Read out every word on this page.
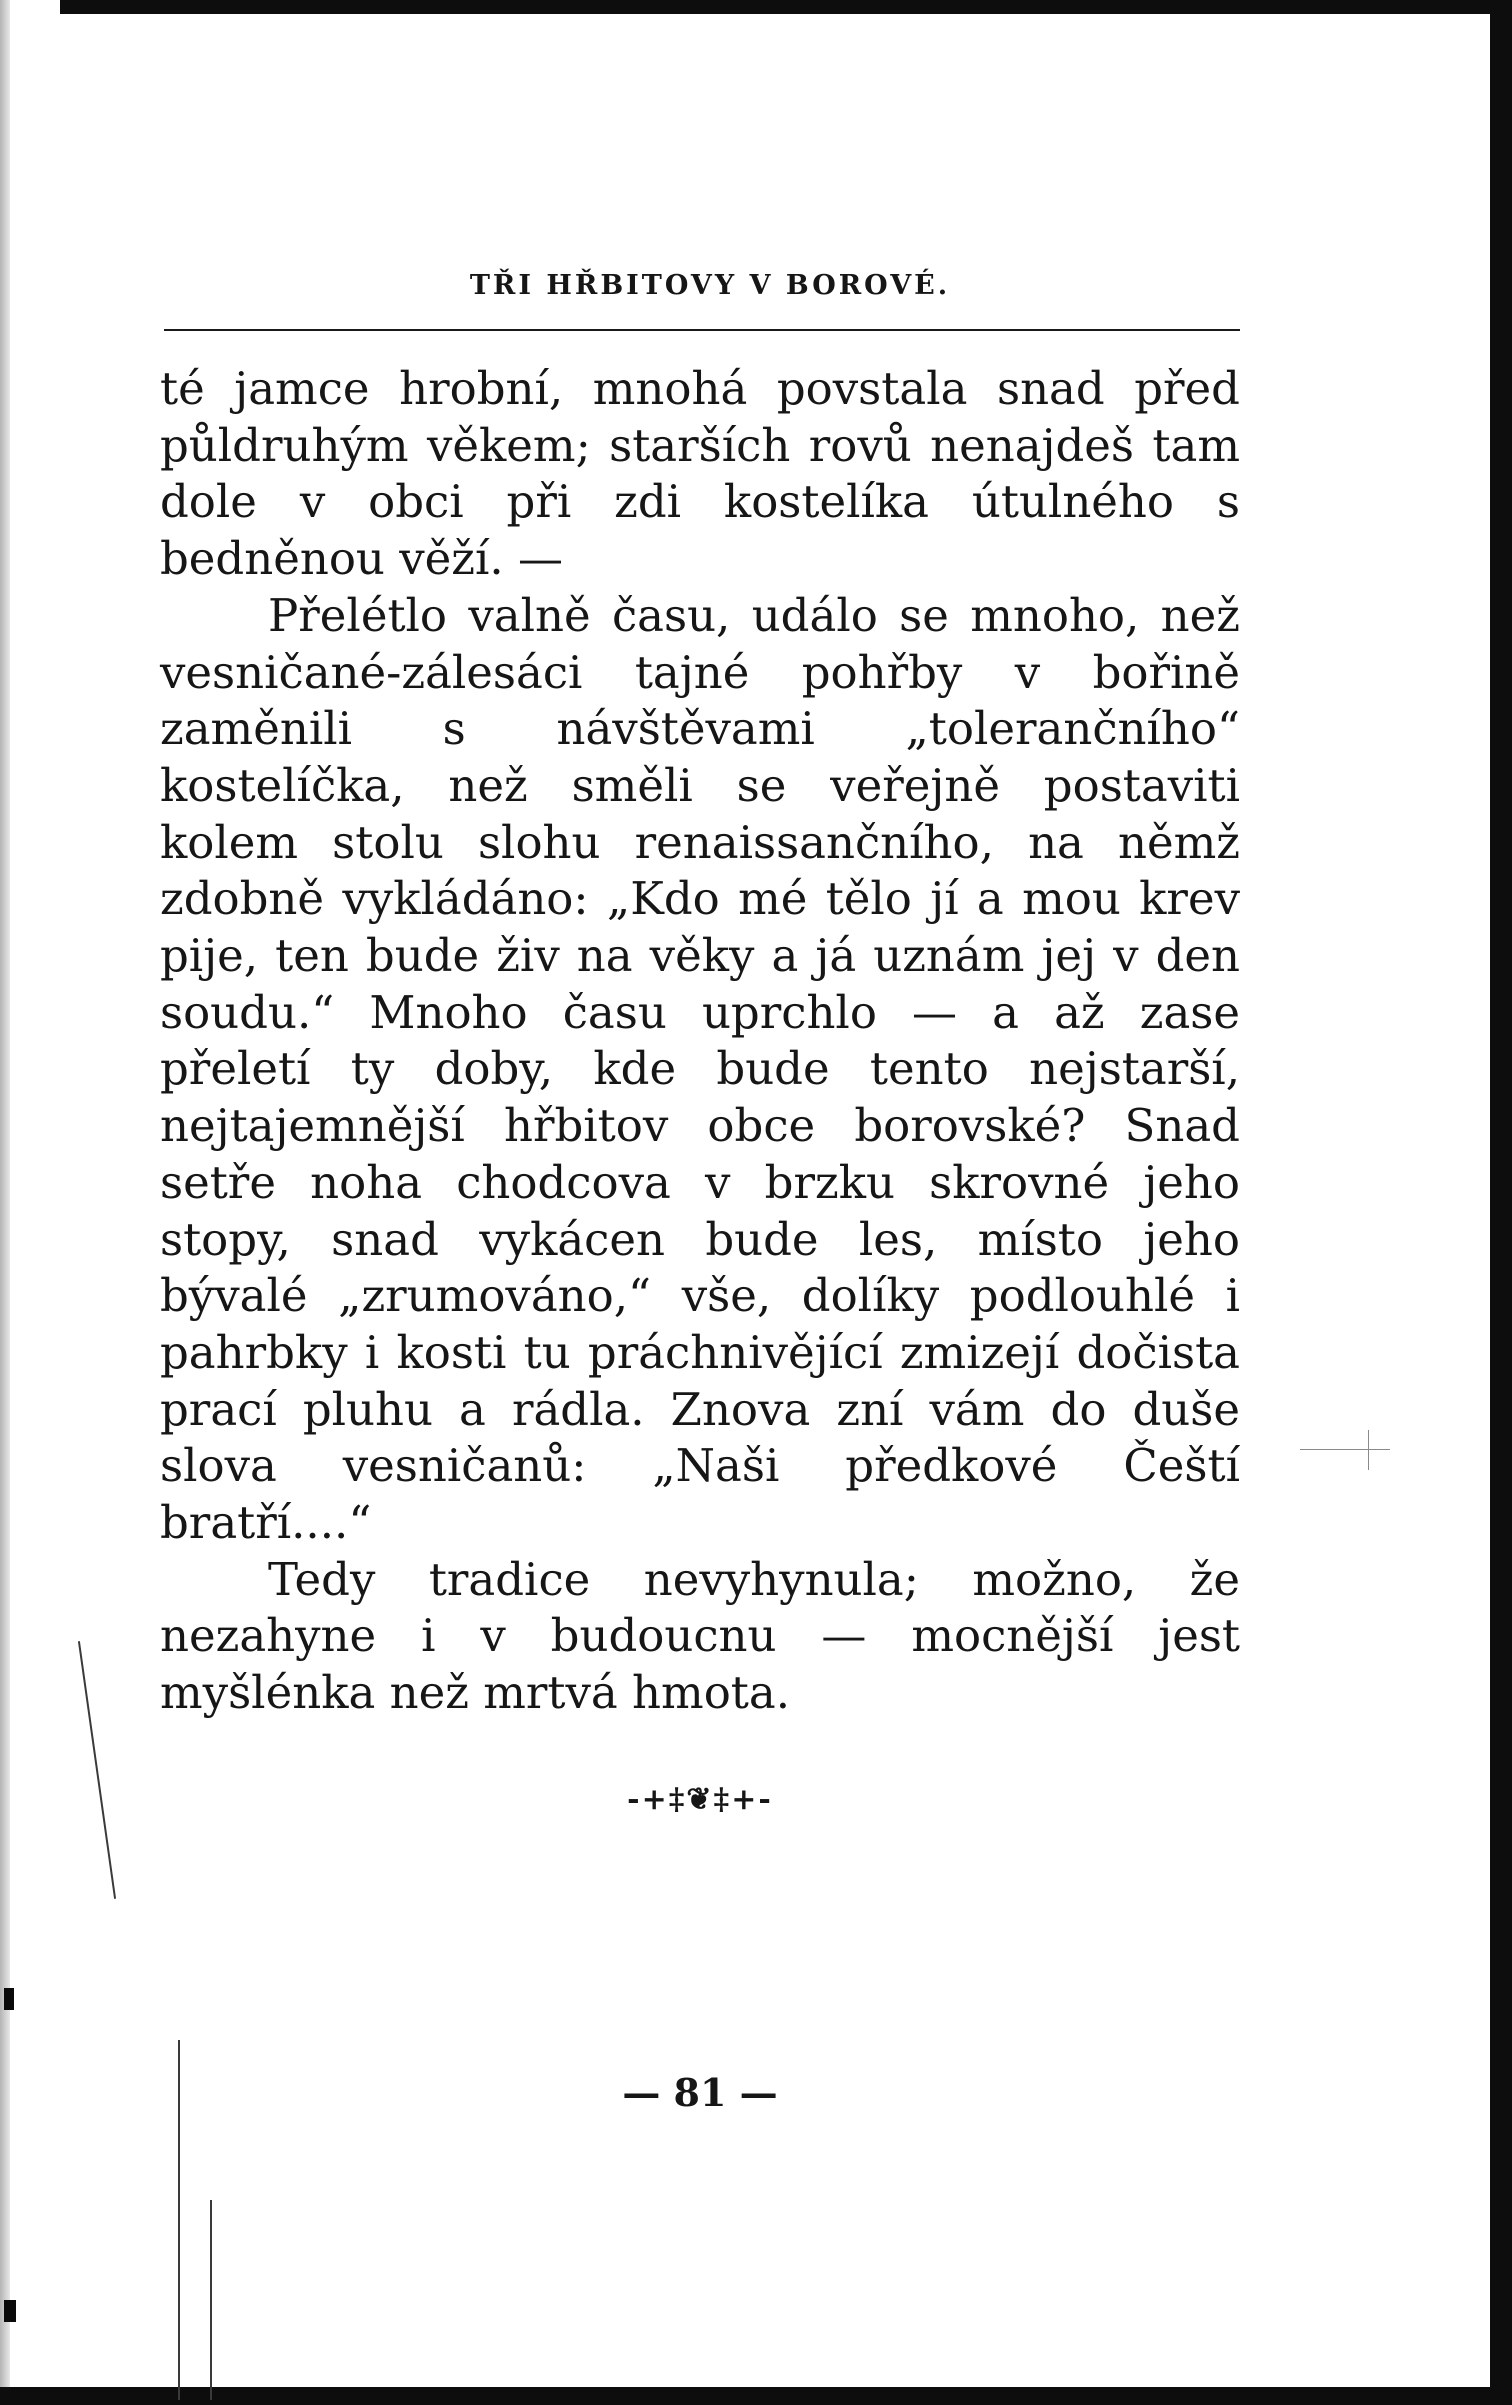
TŘI HŘBITOVY V BOROVÉ.

té jamce hrobní, mnohá povstala snad před půldruhým věkem; starších rovů nenajdeš tam dole v obci při zdi kostelíka útulného s bedněnou věží. —

Přelétlo valně času, událo se mnoho, než vesničané-zálesáci tajné pohřby v bořině zaměnili s návštěvami „tolerančního“ kostelíčka, než směli se veřejně postaviti kolem stolu slohu renaissančního, na němž zdobně vykládáno: „Kdo mé tělo jí a mou krev pije, ten bude živ na věky a já uznám jej v den soudu.“ Mnoho času uprchlo — a až zase přeletí ty doby, kde bude tento nejstarší, nejtajemnější hřbitov obce borovské? Snad setře noha chodcova v brzku skrovné jeho stopy, snad vykácen bude les, místo jeho bývalé „zrumováno,“ vše, dolíky podlouhlé i pahrbky i kosti tu práchnivějící zmizejí dočista prací pluhu a rádla. Znova zní vám do duše slova vesničanů: „Naši předkové Čeští bratří....“

Tedy tradice nevyhynula; možno, že nezahyne i v budoucnu — mocnější jest myšlénka než mrtvá hmota.

-+‡❦‡+-
— 81 —
